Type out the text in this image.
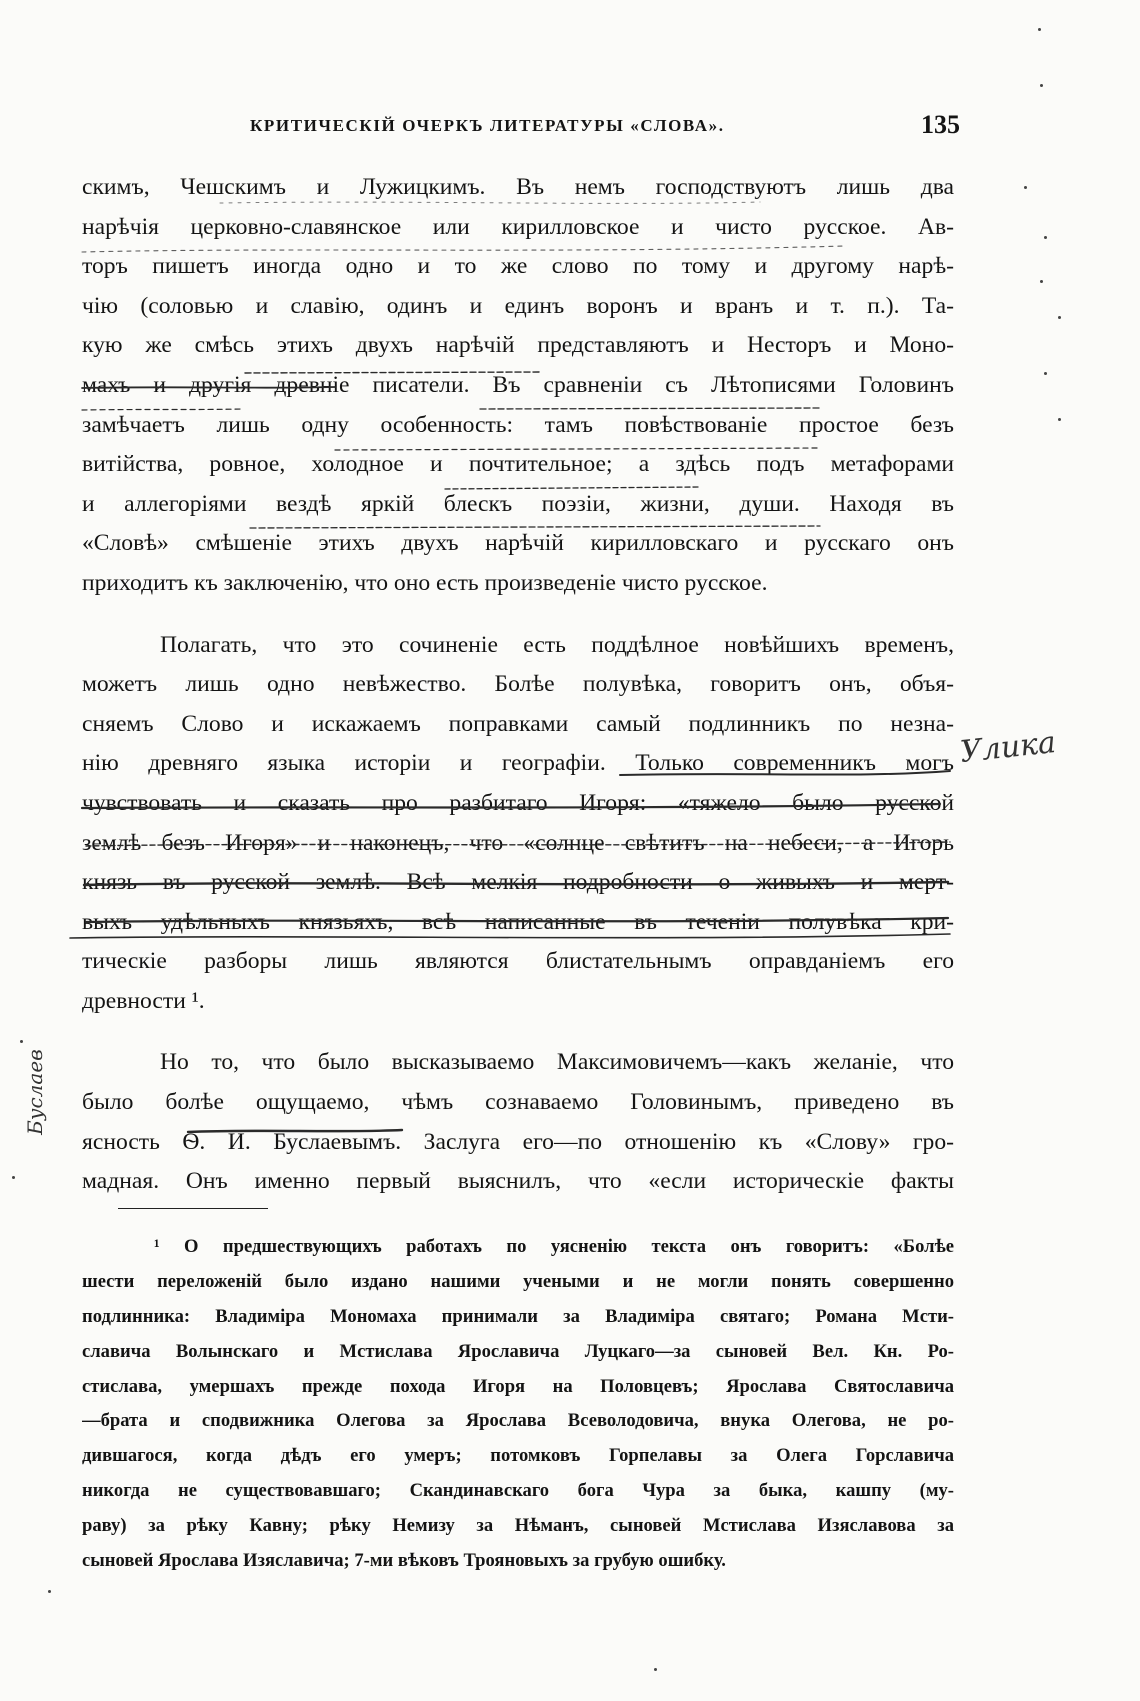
КРИТИЧЕСКІЙ ОЧЕРКЪ ЛИТЕРАТУРЫ «СЛОВА».	135
скимъ, Чешскимъ и Лужицкимъ. Въ немъ господствуютъ лишь два
нарѣчія церковно-славянское или кирилловское и чисто русское. Ав-
торъ пишетъ иногда одно и то же слово по тому и другому нарѣ-
чію (соловью и славію, одинъ и единъ воронъ и вранъ и т. п.). Та-
кую же смѣсь этихъ двухъ нарѣчій представляютъ и Несторъ и Моно-
махъ и другія древніе писатели. Въ сравненіи съ Лѣтописями Головинъ
замѣчаетъ лишь одну особенность: тамъ повѣствованіе простое безъ
витійства, ровное, холодное и почтительное; а здѣсь подъ метафорами
и аллегоріями вездѣ яркій блескъ поэзіи, жизни, души. Находя въ
«Словѣ» смѣшеніе этихъ двухъ нарѣчій кирилловскаго и русскаго онъ
приходитъ къ заключенію, что оно есть произведеніе чисто русское.
Полагать, что это сочиненіе есть поддѣлное новѣйшихъ временъ,
можетъ лишь одно невѣжество. Болѣе полувѣка, говоритъ онъ, объя-
сняемъ Слово и искажаемъ поправками самый подлинникъ по незна-
нію древняго языка исторіи и географіи. Только современникъ могъ
чувствовать и сказать про разбитаго Игоря: «тяжело было русской
землѣ безъ Игоря» и наконецъ, что «солнце свѣтитъ на небеси, а Игорь
князь въ русской землѣ. Всѣ мелкія подробности о живыхъ и мерт-
выхъ удѣльныхъ князьяхъ, всѣ написанные въ теченіи полувѣка кри-
тическіе разборы лишь являются блистательнымъ оправданіемъ его
древности ¹.
Но то, что было высказываемо Максимовичемъ—какъ желаніе, что
было болѣе ощущаемо, чѣмъ сознаваемо Головинымъ, приведено въ
ясность Ѳ. И. Буслаевымъ. Заслуга его—по отношенію къ «Слову» гро-
мадная. Онъ именно первый выяснилъ, что «если историческіе факты
¹ О предшествующихъ работахъ по уясненію текста онъ говоритъ: «Болѣе
шести переложеній было издано нашими учеными и не могли понять совершенно
подлинника: Владиміра Мономаха принимали за Владиміра святаго; Романа Мсти-
славича Волынскаго и Мстислава Ярославича Луцкаго—за сыновей Вел. Кн. Ро-
стислава, умершахъ прежде похода Игоря на Половцевъ; Ярослава Святославича
—брата и сподвижника Олегова за Ярослава Всеволодовича, внука Олегова, не ро-
дившагося, когда дѣдъ его умеръ; потомковъ Горпелавы за Олега Горславича
никогда не существовавшаго; Скандинавскаго бога Чура за быка, кашпу (му-
раву) за рѣку Кавну; рѣку Немизу за Нѣманъ, сыновей Мстислава Изяславова за
сыновей Ярослава Изяславича; 7-ми вѣковъ Трояновыхъ за грубую ошибку.
Улика
Буслаев
